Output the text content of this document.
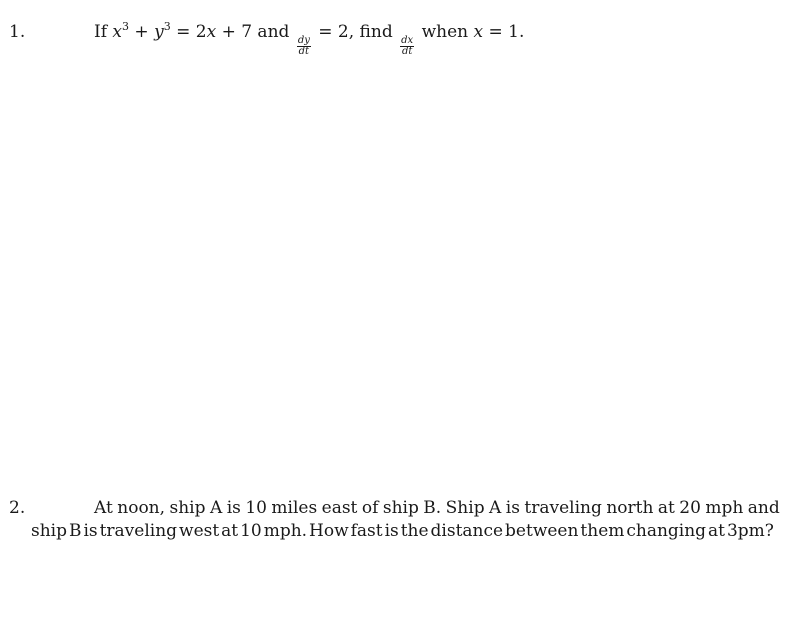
1.	If $x^3 + y^3 = 2x + 7$ and
$\frac{dy}{dt}$
= 2, find
$\frac{dx}{dt}$
when x = 1.
2.	At noon, ship A is 10 miles east of ship B. Ship A is traveling north at 20 mph and
ship B is traveling west at 10 mph. How fast is the distance between them changing at 3pm?
